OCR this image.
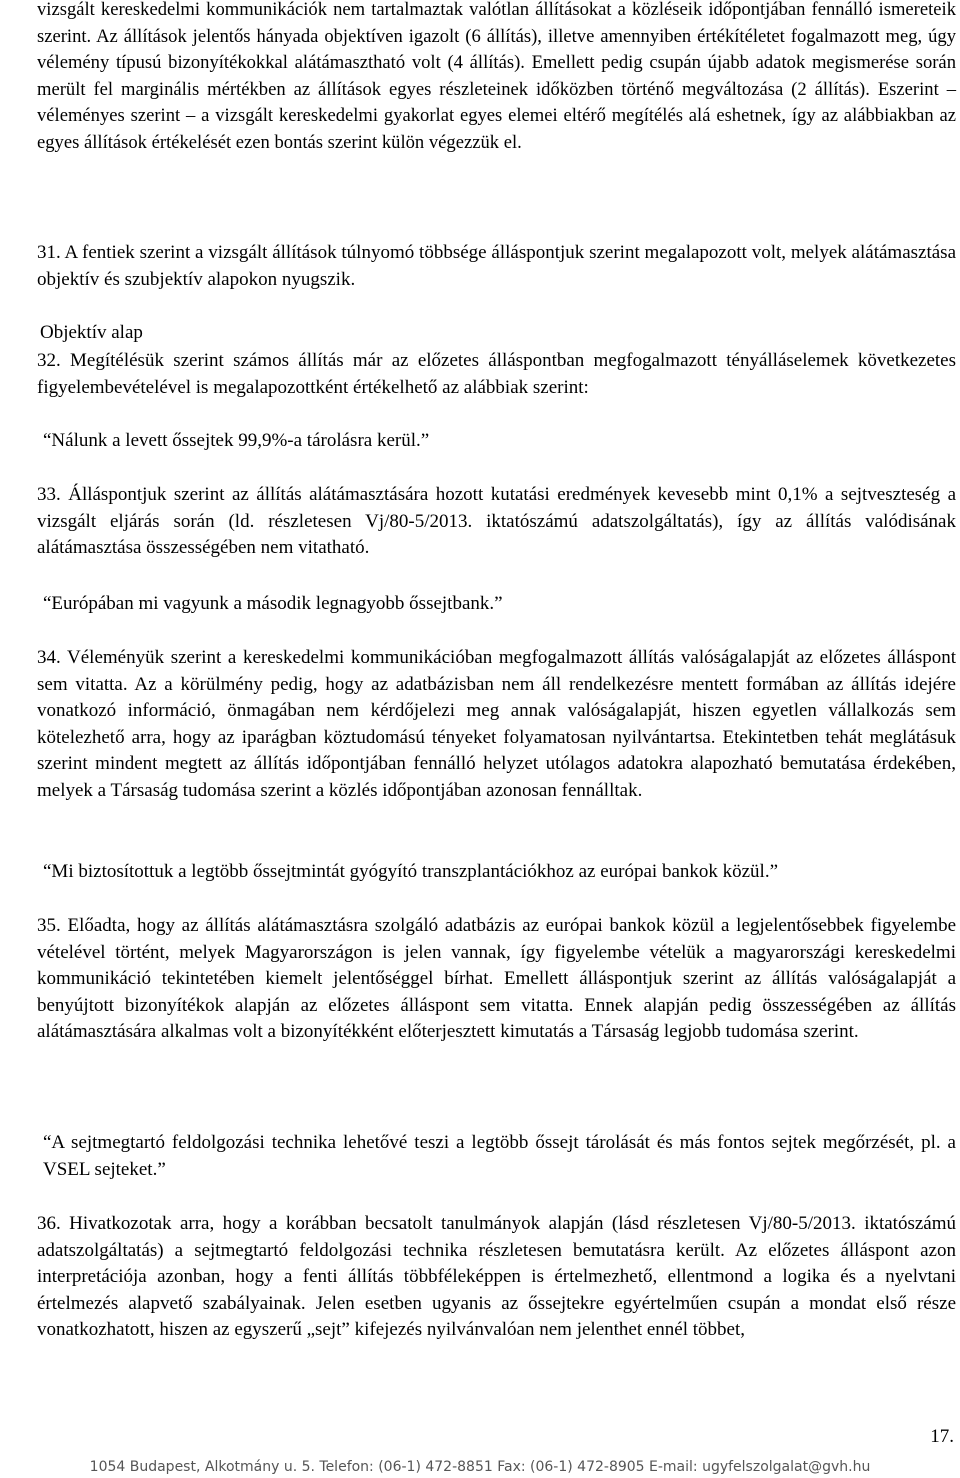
vizsgált kereskedelmi kommunikációk nem tartalmaztak valótlan állításokat a közléseik időpontjában fennálló ismereteik szerint. Az állítások jelentős hányada objektíven igazolt (6 állítás), illetve amennyiben értékítéletet fogalmazott meg, úgy vélemény típusú bizonyítékokkal alátámasztható volt (4 állítás). Emellett pedig csupán újabb adatok megismerése során merült fel marginális mértékben az állítások egyes részleteinek időközben történő megváltozása (2 állítás). Eszerint – véleményes szerint – a vizsgált kereskedelmi gyakorlat egyes elemei eltérő megítélés alá eshetnek, így az alábbiakban az egyes állítások értékelését ezen bontás szerint külön végezzük el.
31. A fentiek szerint a vizsgált állítások túlnyomó többsége álláspontjuk szerint megalapozott volt, melyek alátámasztása objektív és szubjektív alapokon nyugszik.
Objektív alap
32. Megítélésük szerint számos állítás már az előzetes álláspontban megfogalmazott tényálláselemek következetes figyelembevételével is megalapozottként értékelhető az alábbiak szerint:
“Nálunk a levett őssejtek 99,9%-a tárolásra kerül.”
33. Álláspontjuk szerint az állítás alátámasztására hozott kutatási eredmények kevesebb mint 0,1% a sejtveszteség a vizsgált eljárás során (ld. részletesen Vj/80-5/2013. iktatószámú adatszolgáltatás), így az állítás valódisának alátámasztása összességében nem vitatható.
“Európában mi vagyunk a második legnagyobb őssejtbank.”
34. Véleményük szerint a kereskedelmi kommunikációban megfogalmazott állítás valóságalapját az előzetes álláspont sem vitatta. Az a körülmény pedig, hogy az adatbázisban nem áll rendelkezésre mentett formában az állítás idejére vonatkozó információ, önmagában nem kérdőjelezi meg annak valóságalapját, hiszen egyetlen vállalkozás sem kötelezhető arra, hogy az iparágban köztudomású tényeket folyamatosan nyilvántartsa. Etekintetben tehát meglátásuk szerint mindent megtett az állítás időpontjában fennálló helyzet utólagos adatokra alapozható bemutatása érdekében, melyek a Társaság tudomása szerint a közlés időpontjában azonosan fennálltak.
“Mi biztosítottuk a legtöbb őssejtmintát gyógyító transzplantációkhoz az európai bankok közül.”
35. Előadta, hogy az állítás alátámasztásra szolgáló adatbázis az európai bankok közül a legjelentősebbek figyelembe vételével történt, melyek Magyarországon is jelen vannak, így figyelembe vételük a magyarországi kereskedelmi kommunikáció tekintetében kiemelt jelentőséggel bírhat. Emellett álláspontjuk szerint az állítás valóságalapját a benyújtott bizonyítékok alapján az előzetes álláspont sem vitatta. Ennek alapján pedig összességében az állítás alátámasztására alkalmas volt a bizonyítékként előterjesztett kimutatás a Társaság legjobb tudomása szerint.
“A sejtmegtartó feldolgozási technika lehetővé teszi a legtöbb őssejt tárolását és más fontos sejtek megőrzését, pl. a VSEL sejteket.”
36. Hivatkozotak arra, hogy a korábban becsatolt tanulmányok alapján (lásd részletesen Vj/80-5/2013. iktatószámú adatszolgáltatás) a sejtmegtartó feldolgozási technika részletesen bemutatásra került. Az előzetes álláspont azon interpretációja azonban, hogy a fenti állítás többféleképpen is értelmezhető, ellentmond a logika és a nyelvtani értelmezés alapvető szabályainak. Jelen esetben ugyanis az őssejtekre egyértelműen csupán a mondat első része vonatkozhatott, hiszen az egyszerű „sejt” kifejezés nyilvánvalóan nem jelenthet ennél többet,
17.
1054 Budapest, Alkotmány u. 5. Telefon: (06-1) 472-8851 Fax: (06-1) 472-8905 E-mail: ugyfelszolgalat@gvh.hu
